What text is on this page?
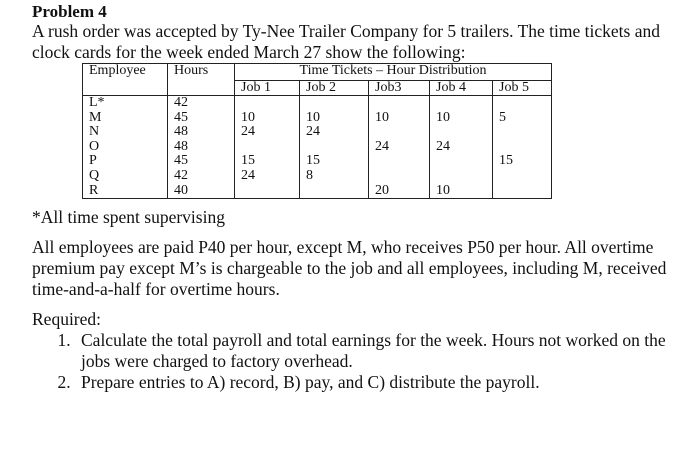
Problem 4

A rush order was accepted by Ty-Nee Trailer Company for 5 trailers. The time tickets and clock cards for the week ended March 27 show the following:

Employee	Hours	Time Tickets – Hour Distribution				
		Job 1	Job 2	Job3	Job 4	Job 5
L*	42					
M	45	10	10	10	10	5
N	48	24	24			
O	48			24	24	
P	45	15	15			15
Q	42	24	8			
R	40			20	10	

*All time spent supervising

All employees are paid P40 per hour, except M, who receives P50 per hour. All overtime premium pay except M’s is chargeable to the job and all employees, including M, received time-and-a-half for overtime hours.

Required:

1. Calculate the total payroll and total earnings for the week. Hours not worked on the jobs were charged to factory overhead.
2. Prepare entries to A) record, B) pay, and C) distribute the payroll.
